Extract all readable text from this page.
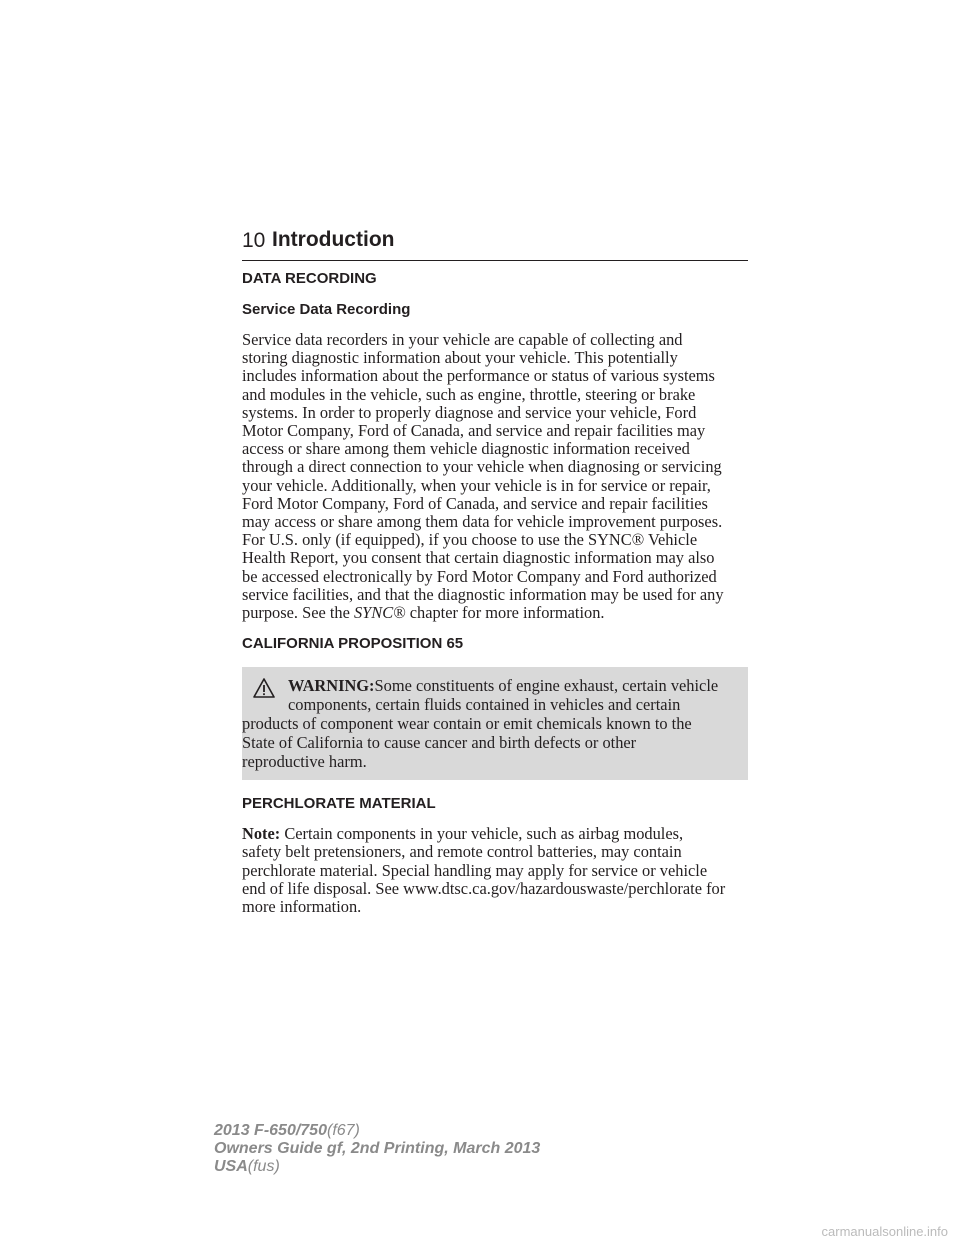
10 Introduction
DATA RECORDING
Service Data Recording
Service data recorders in your vehicle are capable of collecting and
storing diagnostic information about your vehicle. This potentially
includes information about the performance or status of various systems
and modules in the vehicle, such as engine, throttle, steering or brake
systems. In order to properly diagnose and service your vehicle, Ford
Motor Company, Ford of Canada, and service and repair facilities may
access or share among them vehicle diagnostic information received
through a direct connection to your vehicle when diagnosing or servicing
your vehicle. Additionally, when your vehicle is in for service or repair,
Ford Motor Company, Ford of Canada, and service and repair facilities
may access or share among them data for vehicle improvement purposes.
For U.S. only (if equipped), if you choose to use the SYNC® Vehicle
Health Report, you consent that certain diagnostic information may also
be accessed electronically by Ford Motor Company and Ford authorized
service facilities, and that the diagnostic information may be used for any
purpose. See the SYNC® chapter for more information.
CALIFORNIA PROPOSITION 65
WARNING:Some constituents of engine exhaust, certain vehicle
components, certain fluids contained in vehicles and certain
products of component wear contain or emit chemicals known to the
State of California to cause cancer and birth defects or other
reproductive harm.
PERCHLORATE MATERIAL
Note: Certain components in your vehicle, such as airbag modules,
safety belt pretensioners, and remote control batteries, may contain
perchlorate material. Special handling may apply for service or vehicle
end of life disposal. See www.dtsc.ca.gov/hazardouswaste/perchlorate for
more information.
2013 F-650/750(f67)
Owners Guide gf, 2nd Printing, March 2013
USA(fus)
carmanualsonline.info
